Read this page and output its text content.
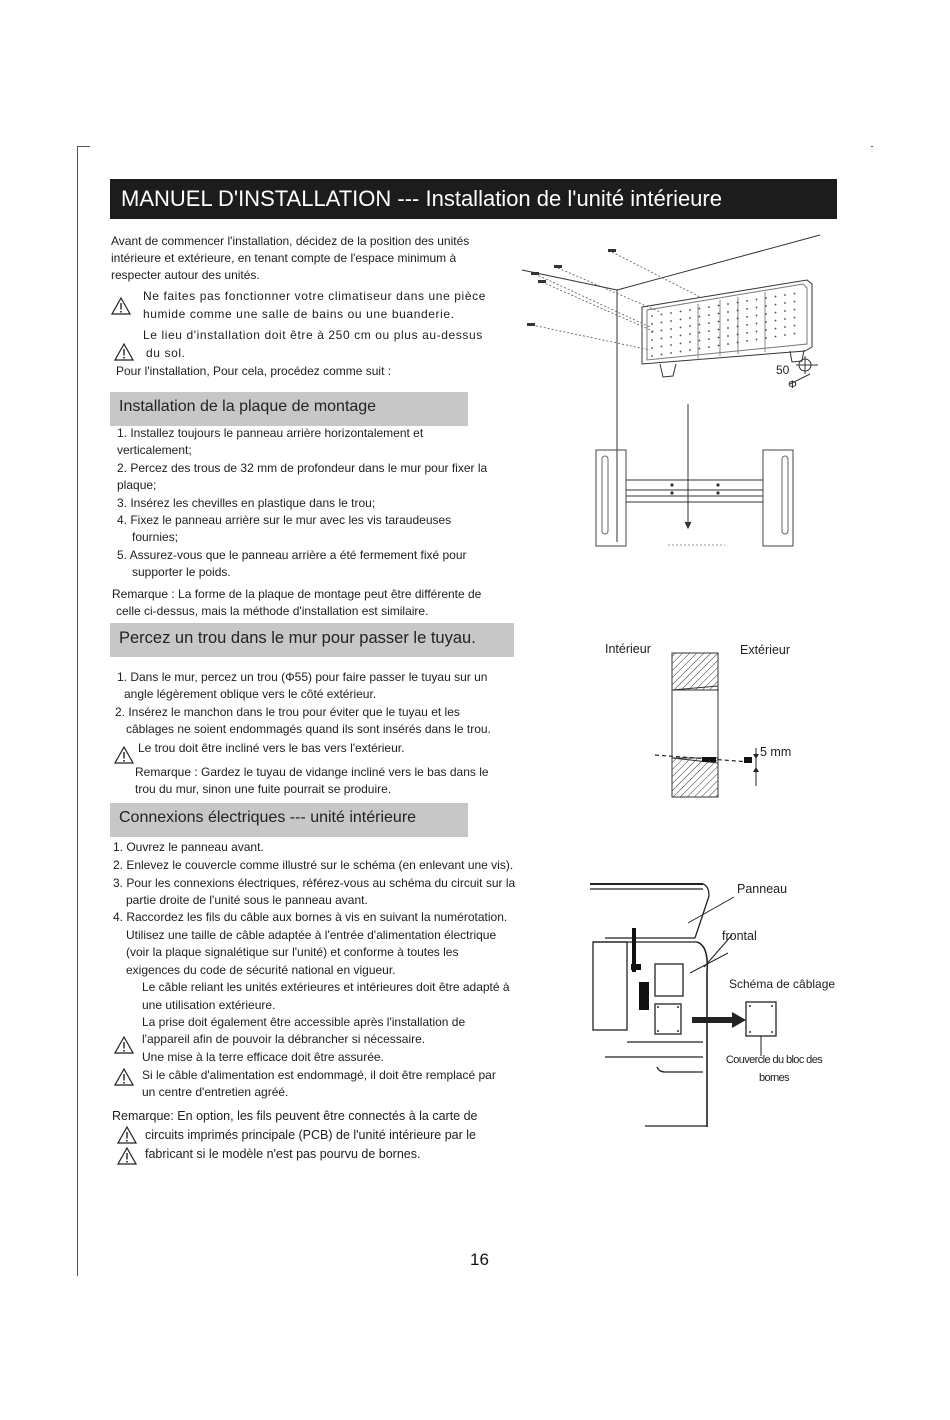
MANUEL D'INSTALLATION --- Installation de l'unité intérieure
Avant de commencer l'installation, décidez de la position des unités
intérieure et extérieure, en tenant compte de l'espace minimum à
respecter autour des unités.
Ne faites pas fonctionner votre climatiseur dans une pièce
humide comme une salle de bains ou une buanderie.
Le lieu d'installation doit être à 250 cm ou plus au-dessus
du sol.
Pour l'installation, Pour cela, procédez comme suit :	50
Φ
Installation de la plaque de montage
1. Installez toujours le panneau arrière horizontalement et
verticalement;
2. Percez des trous de 32 mm de profondeur dans le mur pour fixer la
plaque;
3. Insérez les chevilles en plastique dans le trou;
4. Fixez le panneau arrière sur le mur avec les vis taraudeuses
fournies;
5. Assurez-vous que le panneau arrière a été fermement fixé pour
supporter le poids.
Remarque : La forme de la plaque de montage peut être différente de
celle ci-dessus, mais la méthode d'installation est similaire.
Percez un trou dans le mur pour passer le tuyau.
1. Dans le mur, percez un trou (Φ55) pour faire passer le tuyau sur un
angle légèrement oblique vers le côté extérieur.
2. Insérez le manchon dans le trou pour éviter que le tuyau et les
câblages ne soient endommagés quand ils sont insérés dans le trou.
Le trou doit être incliné vers le bas vers l'extérieur.
Remarque : Gardez le tuyau de vidange incliné vers le bas dans le
trou du mur, sinon une fuite pourrait se produire.
Intérieur	Extérieur
5 mm
Connexions électriques --- unité intérieure
1. Ouvrez le panneau avant.
2. Enlevez le couvercle comme illustré sur le schéma (en enlevant une vis).
3. Pour les connexions électriques, référez-vous au schéma du circuit sur la
partie droite de l'unité sous le panneau avant.
4. Raccordez les fils du câble aux bornes à vis en suivant la numérotation.
Utilisez une taille de câble adaptée à l'entrée d'alimentation électrique
(voir la plaque signalétique sur l'unité) et conforme à toutes les
exigences du code de sécurité national en vigueur.
Le câble reliant les unités extérieures et intérieures doit être adapté à
une utilisation extérieure.
La prise doit également être accessible après l'installation de
l'appareil afin de pouvoir la débrancher si nécessaire.
Une mise à la terre efficace doit être assurée.
Si le câble d'alimentation est endommagé, il doit être remplacé par
un centre d'entretien agréé.
Remarque: En option, les fils peuvent être connectés à la carte de
circuits imprimés principale (PCB) de l'unité intérieure par le
fabricant si le modèle n'est pas pourvu de bornes.
Panneau
frontal
Schéma de câblage
Couvercle du bloc des
bornes
16
